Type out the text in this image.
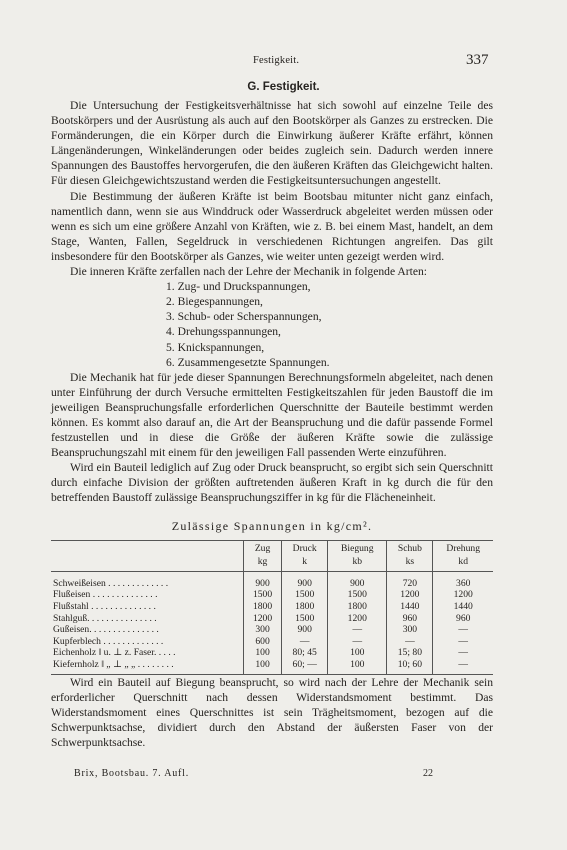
Festigkeit.	337
G. Festigkeit.

Die Untersuchung der Festigkeitsverhältnisse hat sich sowohl auf einzelne Teile des Bootskörpers und der Ausrüstung als auch auf den Bootskörper als Ganzes zu erstrecken. Die Formänderungen, die ein Körper durch die Einwirkung äußerer Kräfte erfährt, können Längenänderungen, Winkeländerungen oder beides zugleich sein. Dadurch werden innere Spannungen des Baustoffes hervorgerufen, die den äußeren Kräften das Gleichgewicht halten. Für diesen Gleichgewichtszustand werden die Festigkeitsuntersuchungen angestellt.

Die Bestimmung der äußeren Kräfte ist beim Bootsbau mitunter nicht ganz einfach, namentlich dann, wenn sie aus Winddruck oder Wasserdruck abgeleitet werden müssen oder wenn es sich um eine größere Anzahl von Kräften, wie z. B. bei einem Mast, handelt, an dem Stage, Wanten, Fallen, Segeldruck in verschiedenen Richtungen angreifen. Das gilt insbesondere für den Bootskörper als Ganzes, wie weiter unten gezeigt werden wird.

Die inneren Kräfte zerfallen nach der Lehre der Mechanik in folgende Arten:

1. Zug- und Druckspannungen,
2. Biegespannungen,
3. Schub- oder Scherspannungen,
4. Drehungsspannungen,
5. Knickspannungen,
6. Zusammengesetzte Spannungen.

Die Mechanik hat für jede dieser Spannungen Berechnungsformeln abgeleitet, nach denen unter Einführung der durch Versuche ermittelten Festigkeitszahlen für jeden Baustoff die im jeweiligen Beanspruchungsfalle erforderlichen Querschnitte der Bauteile bestimmt werden können. Es kommt also darauf an, die Art der Beanspruchung und die dafür passende Formel festzustellen und in diese die Größe der äußeren Kräfte sowie die zulässige Beanspruchungszahl mit einem für den jeweiligen Fall passenden Werte einzuführen.

Wird ein Bauteil lediglich auf Zug oder Druck beansprucht, so ergibt sich sein Querschnitt durch einfache Division der größten auftretenden äußeren Kraft in kg durch die für den betreffenden Baustoff zulässige Beanspruchungsziffer in kg für die Flächeneinheit.

Zulässige Spannungen in kg/cm².
	Zug	Druck	Biegung	Schub	Drehung
	kg	k	kb	ks	kd
Schweißeisen . . . . . . . . . . . . .	900	900	900	720	360
Flußeisen . . . . . . . . . . . . . .	1500	1500	1500	1200	1200
Flußstahl . . . . . . . . . . . . . .	1800	1800	1800	1440	1440
Stahlguß. . . . . . . . . . . . . . .	1200	1500	1200	960	960
Gußeisen. . . . . . . . . . . . . . .	300	900	—	300	—
Kupferblech . . . . . . . . . . . . .	600	—	—	—	—
Eichenholz ‖ u. ⊥ z. Faser. . . . .	100	80; 45	100	15; 80	—
Kiefernholz ‖ „ ⊥ „ „ . . . . . . . .	100	60; —	100	10; 60	—

Wird ein Bauteil auf Biegung beansprucht, so wird nach der Lehre der Mechanik sein erforderlicher Querschnitt nach dessen Widerstandsmoment bestimmt. Das Widerstandsmoment eines Querschnittes ist sein Trägheitsmoment, bezogen auf die Schwerpunktsachse, dividiert durch den Abstand der äußersten Faser von der Schwerpunktsachse.

Brix, Bootsbau. 7. Aufl.	22
